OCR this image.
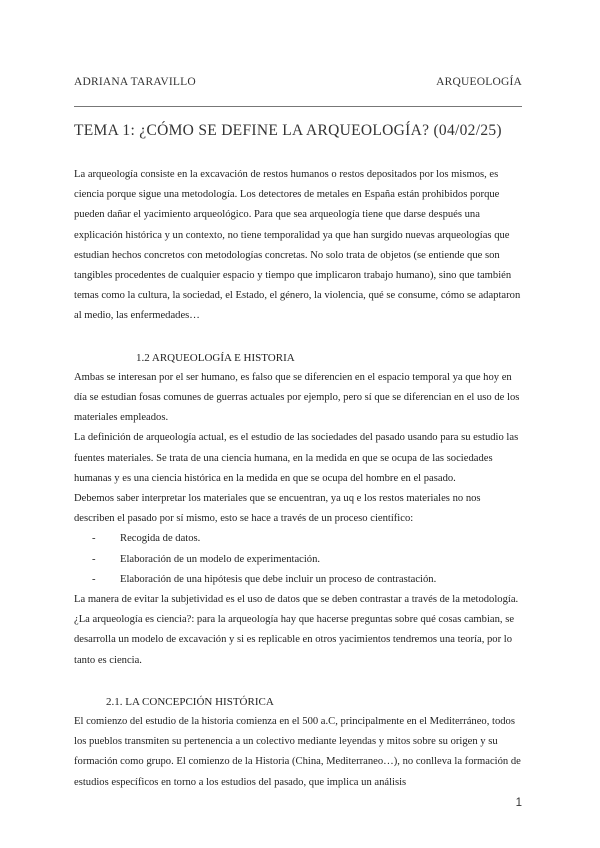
ADRIANA TARAVILLO	ARQUEOLOGÍA
TEMA 1: ¿CÓMO SE DEFINE LA ARQUEOLOGÍA? (04/02/25)

La arqueología consiste en la excavación de restos humanos o restos depositados por los mismos, es ciencia porque sigue una metodología. Los detectores de metales en España están prohibidos porque pueden dañar el yacimiento arqueológico. Para que sea arqueología tiene que darse después una explicación histórica y un contexto, no tiene temporalidad ya que han surgido nuevas arqueologías que estudian hechos concretos con metodologías concretas. No solo trata de objetos (se entiende que son tangibles procedentes de cualquier espacio y tiempo que implicaron trabajo humano), sino que también temas como la cultura, la sociedad, el Estado, el género, la violencia, qué se consume, cómo se adaptaron al medio, las enfermedades…

1.2 ARQUEOLOGÍA E HISTORIA

Ambas se interesan por el ser humano, es falso que se diferencien en el espacio temporal ya que hoy en día se estudian fosas comunes de guerras actuales por ejemplo, pero sí que se diferencian en el uso de los materiales empleados.

La definición de arqueología actual, es el estudio de las sociedades del pasado usando para su estudio las fuentes materiales. Se trata de una ciencia humana, en la medida en que se ocupa de las sociedades humanas y es una ciencia histórica en la medida en que se ocupa del hombre en el pasado.

Debemos saber interpretar los materiales que se encuentran, ya uq e los restos materiales no nos describen el pasado por sí mismo, esto se hace a través de un proceso científico:

- Recogida de datos.
- Elaboración de un modelo de experimentación.
- Elaboración de una hipótesis que debe incluir un proceso de contrastación.

La manera de evitar la subjetividad es el uso de datos que se deben contrastar a través de la metodología.

¿La arqueología es ciencia?: para la arqueología hay que hacerse preguntas sobre qué cosas cambian, se desarrolla un modelo de excavación y si es replicable en otros yacimientos tendremos una teoría, por lo tanto es ciencia.

2.1. LA CONCEPCIÓN HISTÓRICA

El comienzo del estudio de la historia comienza en el 500 a.C, principalmente en el Mediterráneo, todos los pueblos transmiten su pertenencia a un colectivo mediante leyendas y mitos sobre su origen y su formación como grupo. El comienzo de la Historia (China, Mediterraneo…), no conlleva la formación de estudios específicos en torno a los estudios del pasado, que implica un análisis

1
